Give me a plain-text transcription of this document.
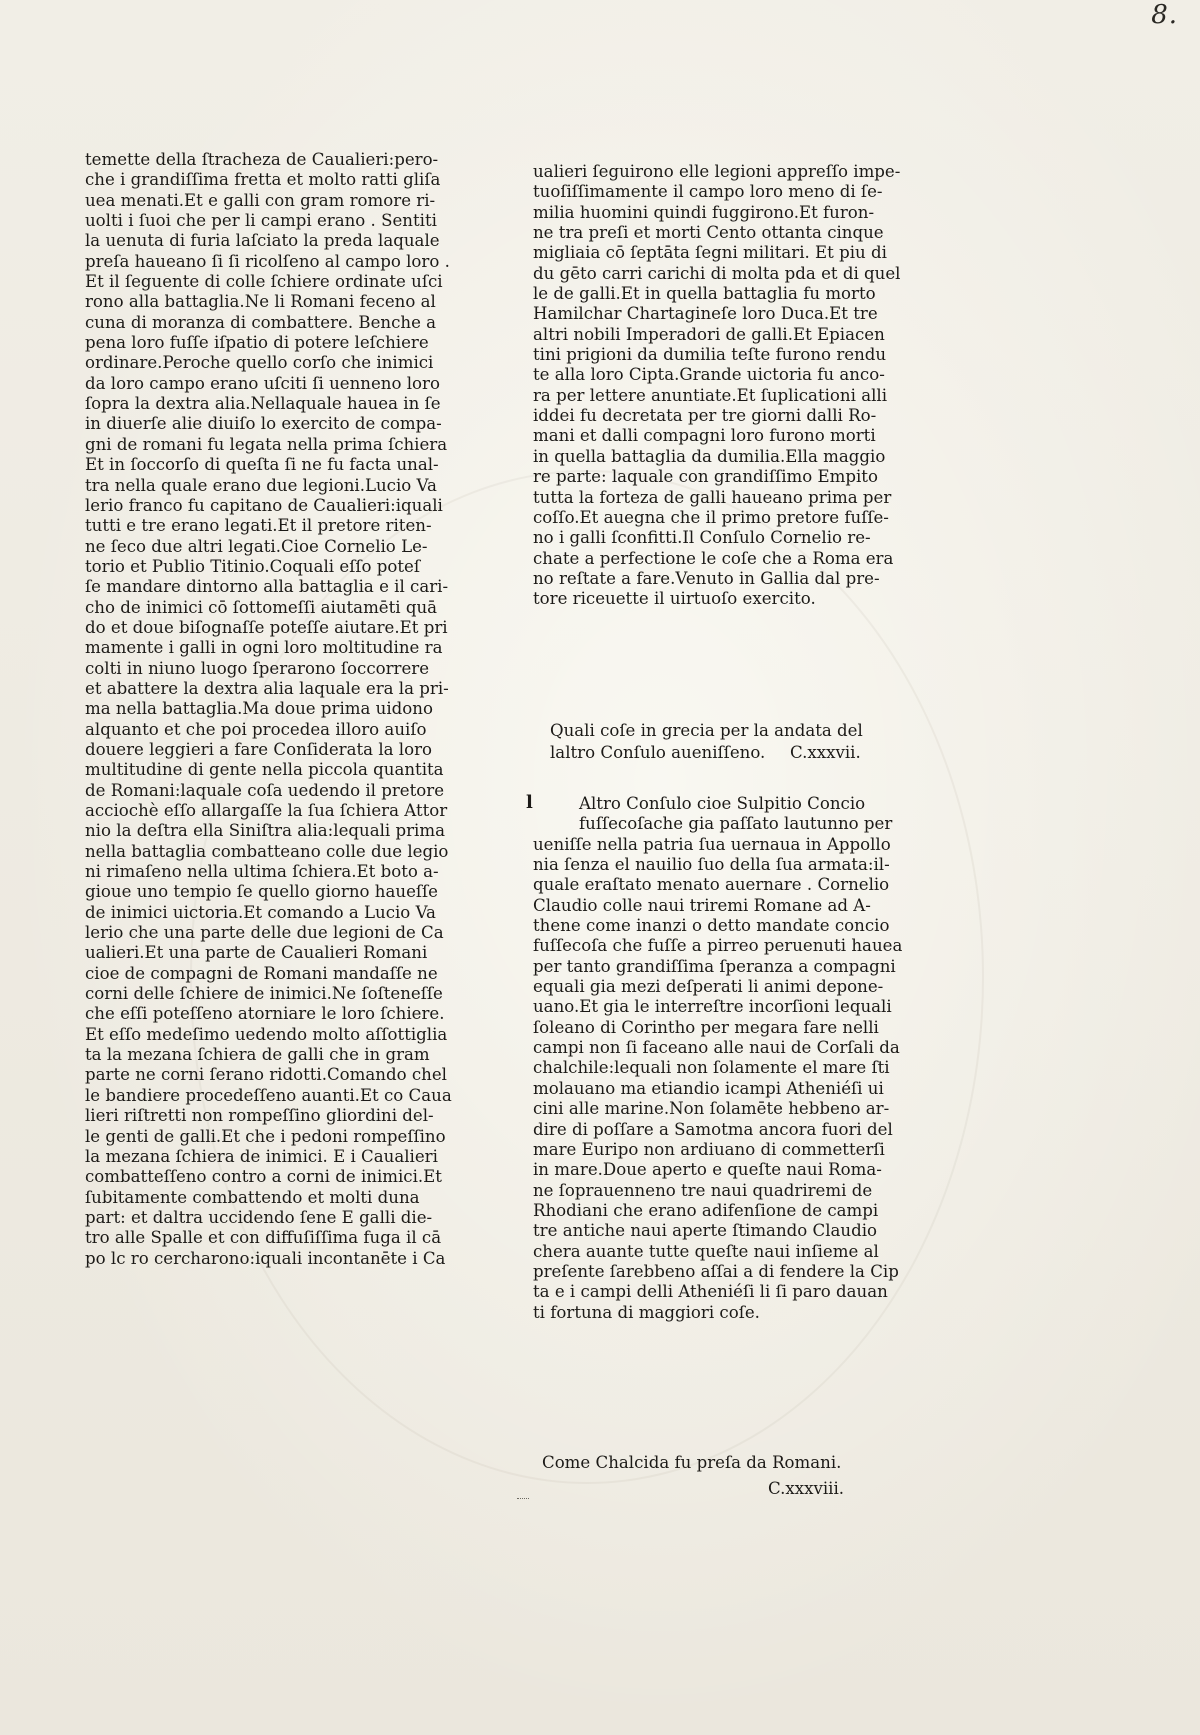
8.
temette della ſtracheza de Caualieri:pero-
che i grandiſſima fretta et molto ratti gliſa
uea menati.Et e galli con gram romore ri-
uolti i ſuoi che per li campi erano . Sentiti
la uenuta di furia laſciato la preda laquale
preſa haueano ſi ſi ricolſeno al campo loro .
Et il ſeguente di colle ſchiere ordinate uſci
rono alla battaglia.Ne li Romani feceno al
cuna di moranza di combattere. Benche a
pena loro fuſſe iſpatio di potere leſchiere
ordinare.Peroche quello corſo che inimici
da loro campo erano uſciti ſi uenneno loro
ſopra la dextra alia.Nellaquale hauea in ſe
in diuerſe alie diuiſo lo exercito de compa-
gni de romani fu legata nella prima ſchiera
Et in ſoccorſo di queſta ſi ne fu facta unal-
tra nella quale erano due legioni.Lucio Va
lerio franco fu capitano de Caualieri:iquali
tutti e tre erano legati.Et il pretore riten-
ne ſeco due altri legati.Cioe Cornelio Le-
torio et Publio Titinio.Coquali eſſo poteſ
ſe mandare dintorno alla battaglia e il cari-
cho de inimici cō ſottomeſſi aiutamēti quā
do et doue biſognaſſe poteſſe aiutare.Et pri
mamente i galli in ogni loro moltitudine ra
colti in niuno luogo ſperarono ſoccorrere
et abattere la dextra alia laquale era la pri-
ma nella battaglia.Ma doue prima uidono
alquanto et che poi procedea illoro auiſo
douere leggieri a fare Conſiderata la loro
multitudine di gente nella piccola quantita
de Romani:laquale coſa uedendo il pretore
acciochè eſſo allargaſſe la ſua ſchiera Attor
nio la deſtra ella Siniſtra alia:lequali prima
nella battaglia combatteano colle due legio
ni rimaſeno nella ultima ſchiera.Et boto a-
gioue uno tempio ſe quello giorno haueſſe
de inimici uictoria.Et comando a Lucio Va
lerio che una parte delle due legioni de Ca
ualieri.Et una parte de Caualieri Romani
cioe de compagni de Romani mandaſſe ne
corni delle ſchiere de inimici.Ne ſoſteneſſe
che eſſi poteſſeno atorniare le loro ſchiere.
Et eſſo medeſimo uedendo molto aſſottiglia
ta la mezana ſchiera de galli che in gram
parte ne corni ſerano ridotti.Comando chel
le bandiere procedeſſeno auanti.Et co Caua
lieri riſtretti non rompeſſino gliordini del-
le genti de galli.Et che i pedoni rompeſſino
la mezana ſchiera de inimici. E i Caualieri
combatteſſeno contro a corni de inimici.Et
ſubitamente combattendo et molti duna
part: et daltra uccidendo ſene E galli die-
tro alle Spalle et con diffuſiſſima fuga il cā
po lc ro cercharono:iquali incontanēte i Ca
ualieri ſeguirono elle legioni appreſſo impe-
tuoſiſſimamente il campo loro meno di ſe-
milia huomini quindi fuggirono.Et furon-
ne tra preſi et morti Cento ottanta cinque
migliaia cō ſeptāta ſegni militari. Et piu di
du gēto carri carichi di molta pda et di quel
le de galli.Et in quella battaglia fu morto
Hamilchar Chartagineſe loro Duca.Et tre
altri nobili Imperadori de galli.Et Epiacen
tini prigioni da dumilia teſte furono rendu
te alla loro Cipta.Grande uictoria fu anco-
ra per lettere anuntiate.Et ſuplicationi alli
iddei fu decretata per tre giorni dalli Ro-
mani et dalli compagni loro furono morti
in quella battaglia da dumilia.Ella maggio
re parte: laquale con grandiſſimo Empito
tutta la forteza de galli haueano prima per
coſſo.Et auegna che il primo pretore fuſſe-
no i galli ſconfitti.Il Conſulo Cornelio re-
chate a perfectione le coſe che a Roma era
no reſtate a fare.Venuto in Gallia dal pre-
tore riceuette il uirtuoſo exercito.
Quali coſe in grecia per la andata del
laltro Conſulo aueniſſeno. C.xxxvii.
l	Altro Conſulo cioe Sulpitio Concio
fuſſecoſache gia paſſato lautunno per
ueniſſe nella patria ſua uernaua in Appollo
nia ſenza el nauilio ſuo della ſua armata:il-
quale eraſtato menato auernare . Cornelio
Claudio colle naui triremi Romane ad A-
thene come inanzi o detto mandate concio
fuſſecoſa che fuſſe a pirreo peruenuti hauea
per tanto grandiſſima ſperanza a compagni
equali gia mezi deſperati li animi depone-
uano.Et gia le interreſtre incorſioni lequali
ſoleano di Corintho per megara fare nelli
campi non ſi faceano alle naui de Corſali da
chalchile:lequali non ſolamente el mare ſti
molauano ma etiandio icampi Atheniéſi ui
cini alle marine.Non ſolamēte hebbeno ar-
dire di poſſare a Samotma ancora fuori del
mare Euripo non ardiuano di commetterſi
in mare.Doue aperto e queſte naui Roma-
ne ſoprauenneno tre naui quadriremi de
Rhodiani che erano adifenſione de campi
tre antiche naui aperte ſtimando Claudio
chera auante tutte queſte naui inſieme al
preſente ſarebbeno aſſai a di fendere la Cip
ta e i campi delli Atheniéſi li ſi paro dauan
ti fortuna di maggiori coſe.
Come Chalcida fu preſa da Romani.
C.xxxviii.
